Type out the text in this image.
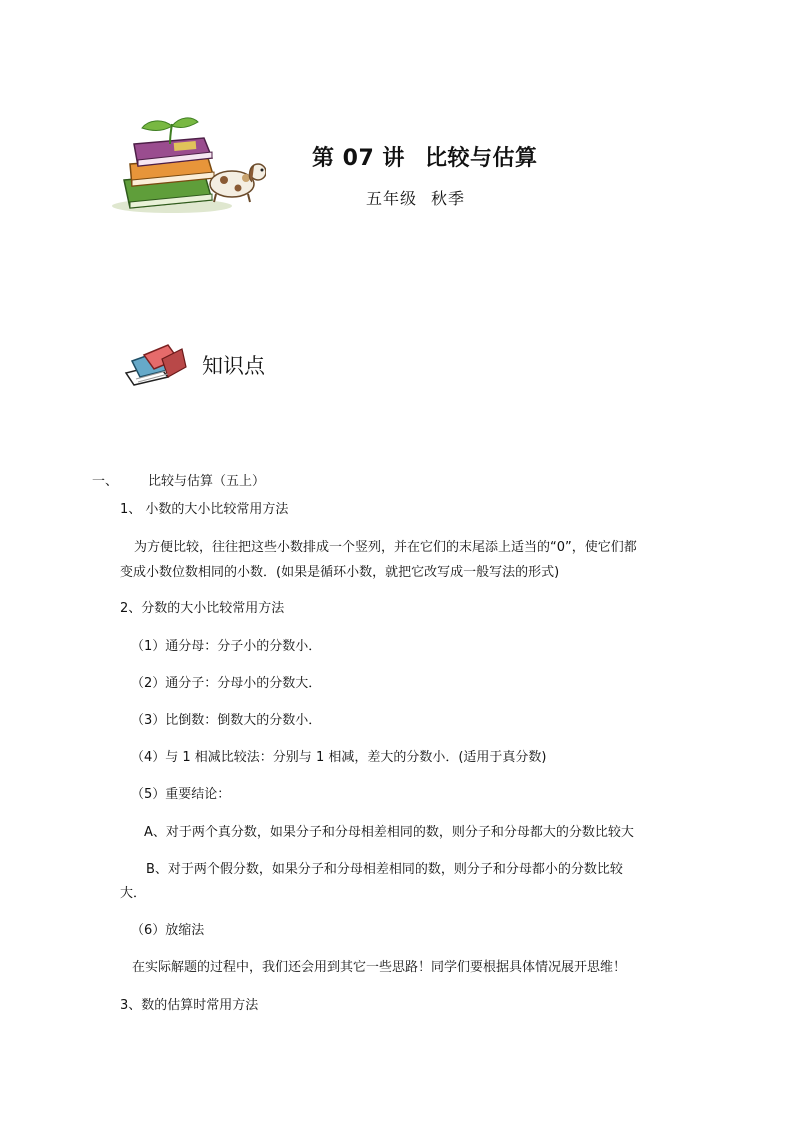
第 07 讲 比较与估算
五年级 秋季
知识点
一、 比较与估算（五上）
1、 小数的大小比较常用方法
为方便比较，往往把这些小数排成一个竖列，并在它们的末尾添上适当的“0”，使它们都
变成小数位数相同的小数．(如果是循环小数，就把它改写成一般写法的形式)
2、分数的大小比较常用方法
（1）通分母：分子小的分数小．
（2）通分子：分母小的分数大．
（3）比倒数：倒数大的分数小．
（4）与 1 相减比较法：分别与 1 相减，差大的分数小．(适用于真分数)
（5）重要结论：
A、对于两个真分数，如果分子和分母相差相同的数，则分子和分母都大的分数比较大
B、对于两个假分数，如果分子和分母相差相同的数，则分子和分母都小的分数比较
大．
（6）放缩法
在实际解题的过程中，我们还会用到其它一些思路！同学们要根据具体情况展开思维！
3、数的估算时常用方法
